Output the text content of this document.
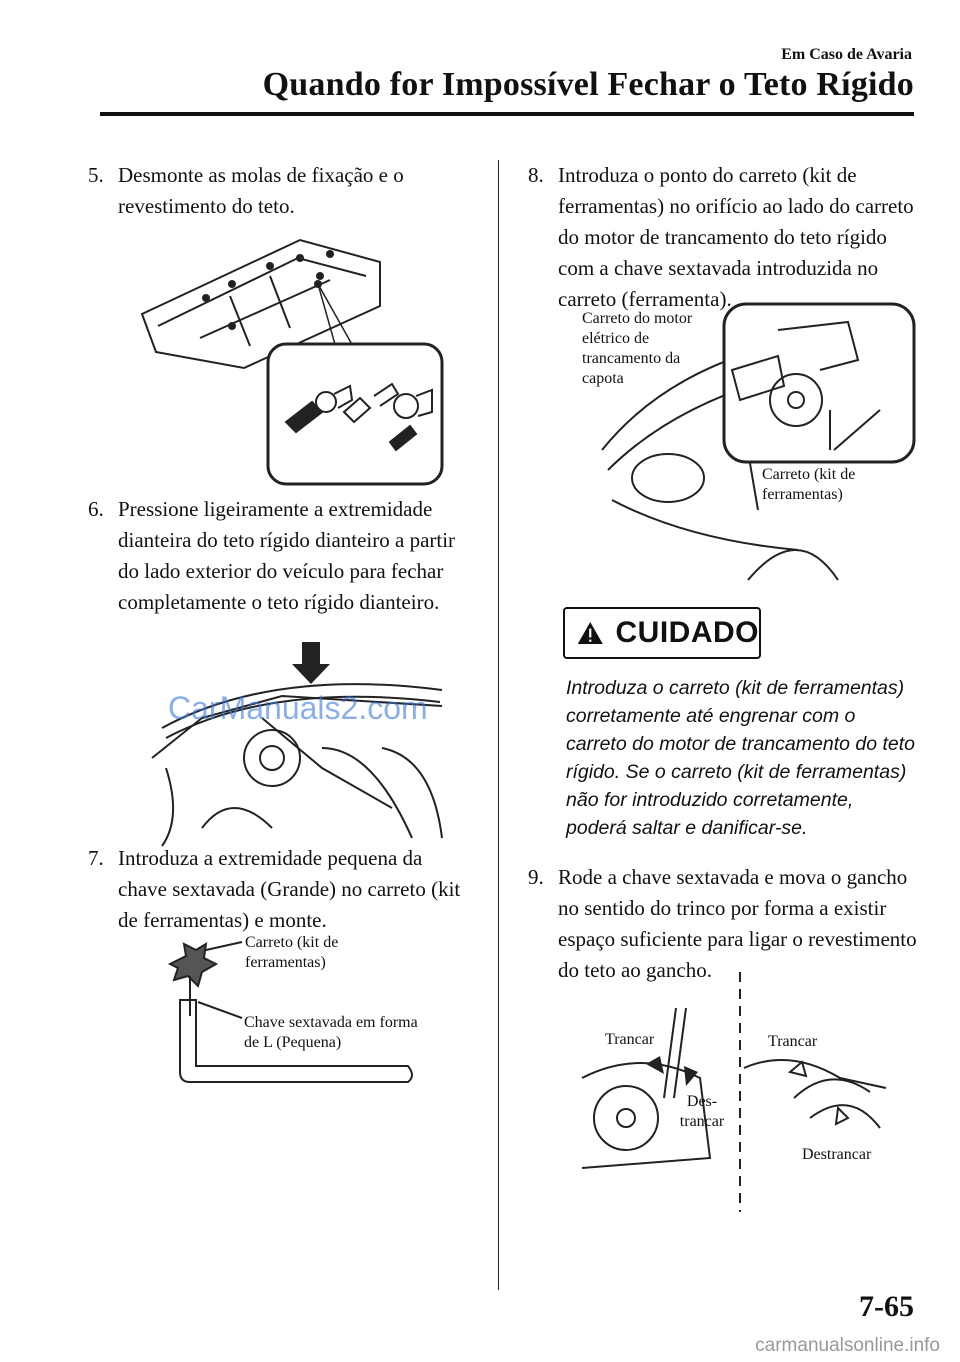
Em Caso de Avaria
Quando for Impossível Fechar o Teto Rígido
5. Desmonte as molas de fixação e o revestimento do teto.
6. Pressione ligeiramente a extremidade dianteira do teto rígido dianteiro a partir do lado exterior do veículo para fechar completamente o teto rígido dianteiro.
CarManuals2.com
7. Introduza a extremidade pequena da chave sextavada (Grande) no carreto (kit de ferramentas) e monte.
Carreto (kit de ferramentas)
Chave sextavada em forma de L (Pequena)
8. Introduza o ponto do carreto (kit de ferramentas) no orifício ao lado do carreto do motor de trancamento do teto rígido com a chave sextavada introduzida no carreto (ferramenta).
Carreto do motor elétrico de trancamento da capota
Carreto (kit de ferramentas)
CUIDADO
Introduza o carreto (kit de ferramentas) corretamente até engrenar com o carreto do motor de trancamento do teto rígido. Se o carreto (kit de ferramentas) não for introduzido corretamente, poderá saltar e danificar-se.
9. Rode a chave sextavada e mova o gancho no sentido do trinco por forma a existir espaço suficiente para ligar o revestimento do teto ao gancho.
Trancar
Des-trancar
Trancar
Destrancar
7-65
carmanualsonline.info
